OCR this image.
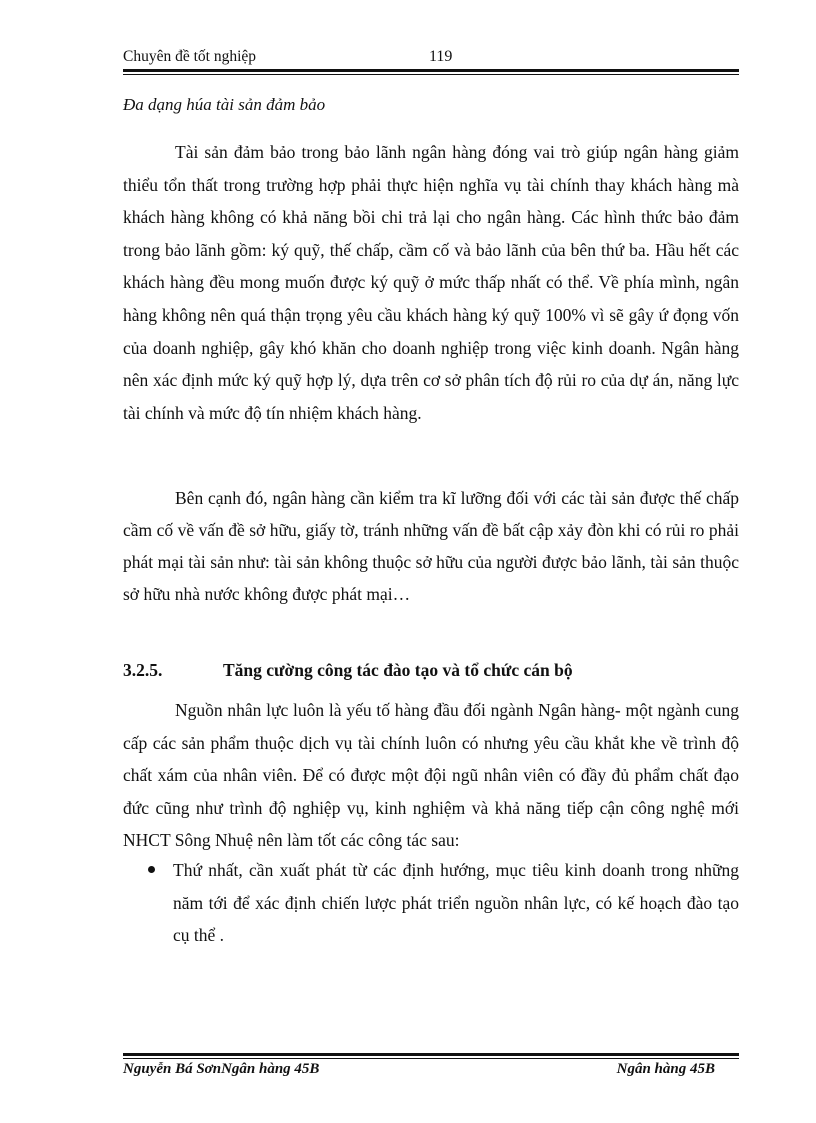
Chuyên đề tốt nghiệp	119
Đa dạng húa tài sản đảm bảo

Tài sản đảm bảo trong bảo lãnh ngân hàng đóng vai trò giúp ngân hàng giảm thiểu tổn thất trong trường hợp phải thực hiện nghĩa vụ tài chính thay khách hàng mà khách hàng không có khả năng bồi chi trả lại cho ngân hàng. Các hình thức bảo đảm trong bảo lãnh gồm: ký quỹ, thế chấp, cầm cố và bảo lãnh của bên thứ ba. Hầu hết các khách hàng đều mong muốn được ký quỹ ở mức thấp nhất có thể. Về phía mình, ngân hàng không nên quá thận trọng yêu cầu khách hàng ký quỹ 100% vì sẽ gây ứ đọng vốn của doanh nghiệp, gây khó khăn cho doanh nghiệp trong việc kinh doanh. Ngân hàng nên xác định mức ký quỹ hợp lý, dựa trên cơ sở phân tích độ rủi ro của dự án, năng lực tài chính và mức độ tín nhiệm khách hàng.

Bên cạnh đó, ngân hàng cần kiểm tra kĩ lưỡng đối với các tài sản được thế chấp cầm cố về vấn đề sở hữu, giấy tờ, tránh những vấn đề bất cập xảy đòn khi có rủi ro phải phát mại tài sản như: tài sản không thuộc sở hữu của người được bảo lãnh, tài sản thuộc sở hữu nhà nước không được phát mại…

3.2.5.	Tăng cường công tác đào tạo và tổ chức cán bộ

Nguồn nhân lực luôn là yếu tố hàng đầu đối ngành Ngân hàng- một ngành cung cấp các sản phẩm thuộc dịch vụ tài chính luôn có nhưng yêu cầu khắt khe về trình độ chất xám của nhân viên. Để có được một đội ngũ nhân viên có đầy đủ phẩm chất đạo đức cũng như trình độ nghiệp vụ, kinh nghiệm và khả năng tiếp cận công nghệ mới NHCT Sông Nhuệ nên làm tốt các công tác sau:

Thứ nhất, cần xuất phát từ các định hướng, mục tiêu kinh doanh trong những năm tới để xác định chiến lược phát triển nguồn nhân lực, có kế hoạch đào tạo cụ thể .
Nguyễn Bá SơnNgân hàng 45B	Ngân hàng 45B
